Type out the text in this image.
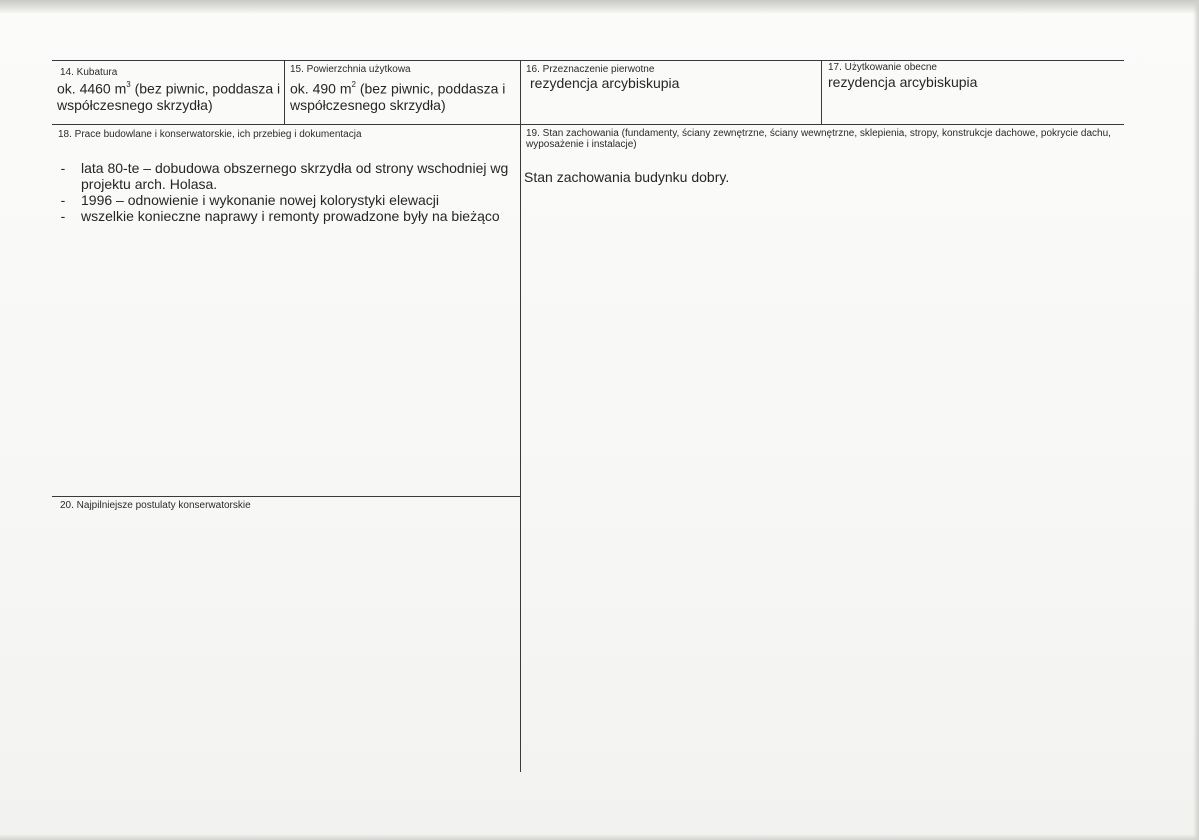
14. Kubatura
ok. 4460 $m^3$ (bez piwnic, poddasza i współczesnego skrzydła)
15. Powierzchnia użytkowa
ok. 490 $m^2$ (bez piwnic, poddasza i współczesnego skrzydła)
16. Przeznaczenie pierwotne
rezydencja arcybiskupia
17. Użytkowanie obecne
rezydencja arcybiskupia
18. Prace budowlane i konserwatorskie, ich przebieg i dokumentacja
- lata 80-te – dobudowa obszernego skrzydła od strony wschodniej wg projektu arch. Holasa.
- 1996 – odnowienie i wykonanie nowej kolorystyki elewacji
- wszelkie konieczne naprawy i remonty prowadzone były na bieżąco
19. Stan zachowania (fundamenty, ściany zewnętrzne, ściany wewnętrzne, sklepienia, stropy, konstrukcje dachowe, pokrycie dachu, wyposażenie i instalacje)
Stan zachowania budynku dobry.
20. Najpilniejsze postulaty konserwatorskie
